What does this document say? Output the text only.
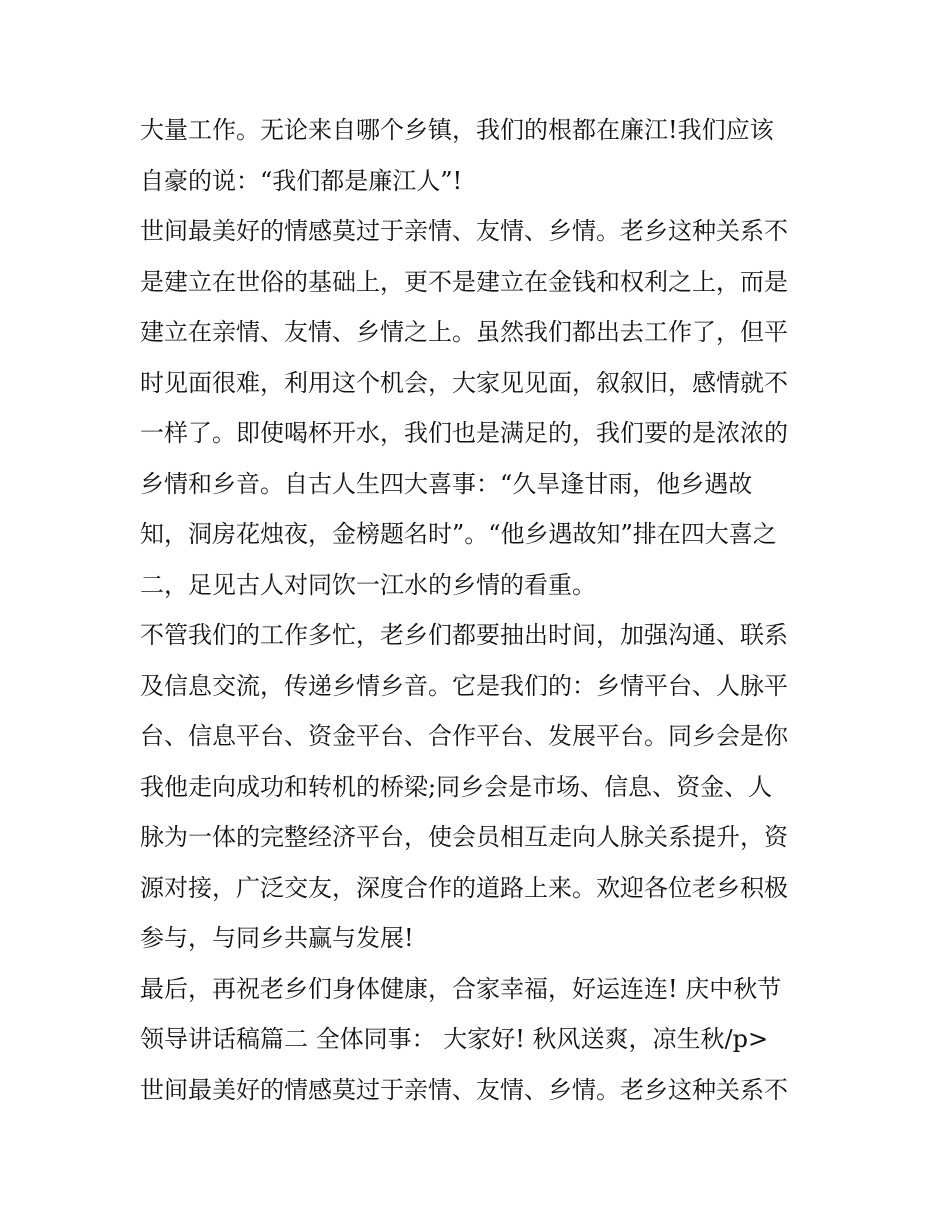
大量工作。无论来自哪个乡镇，我们的根都在廉江!我们应该
自豪的说：“我们都是廉江人”!
世间最美好的情感莫过于亲情、友情、乡情。老乡这种关系不
是建立在世俗的基础上，更不是建立在金钱和权利之上，而是
建立在亲情、友情、乡情之上。虽然我们都出去工作了，但平
时见面很难，利用这个机会，大家见见面，叙叙旧，感情就不
一样了。即使喝杯开水，我们也是满足的，我们要的是浓浓的
乡情和乡音。自古人生四大喜事：“久旱逢甘雨，他乡遇故
知，洞房花烛夜，金榜题名时”。“他乡遇故知”排在四大喜之
二，足见古人对同饮一江水的乡情的看重。
不管我们的工作多忙，老乡们都要抽出时间，加强沟通、联系
及信息交流，传递乡情乡音。它是我们的：乡情平台、人脉平
台、信息平台、资金平台、合作平台、发展平台。同乡会是你
我他走向成功和转机的桥梁;同乡会是市场、信息、资金、人
脉为一体的完整经济平台，使会员相互走向人脉关系提升，资
源对接，广泛交友，深度合作的道路上来。欢迎各位老乡积极
参与，与同乡共赢与发展!
最后，再祝老乡们身体健康，合家幸福，好运连连! 庆中秋节
领导讲话稿篇二 全体同事： 大家好! 秋风送爽，凉生秋/p>
世间最美好的情感莫过于亲情、友情、乡情。老乡这种关系不
